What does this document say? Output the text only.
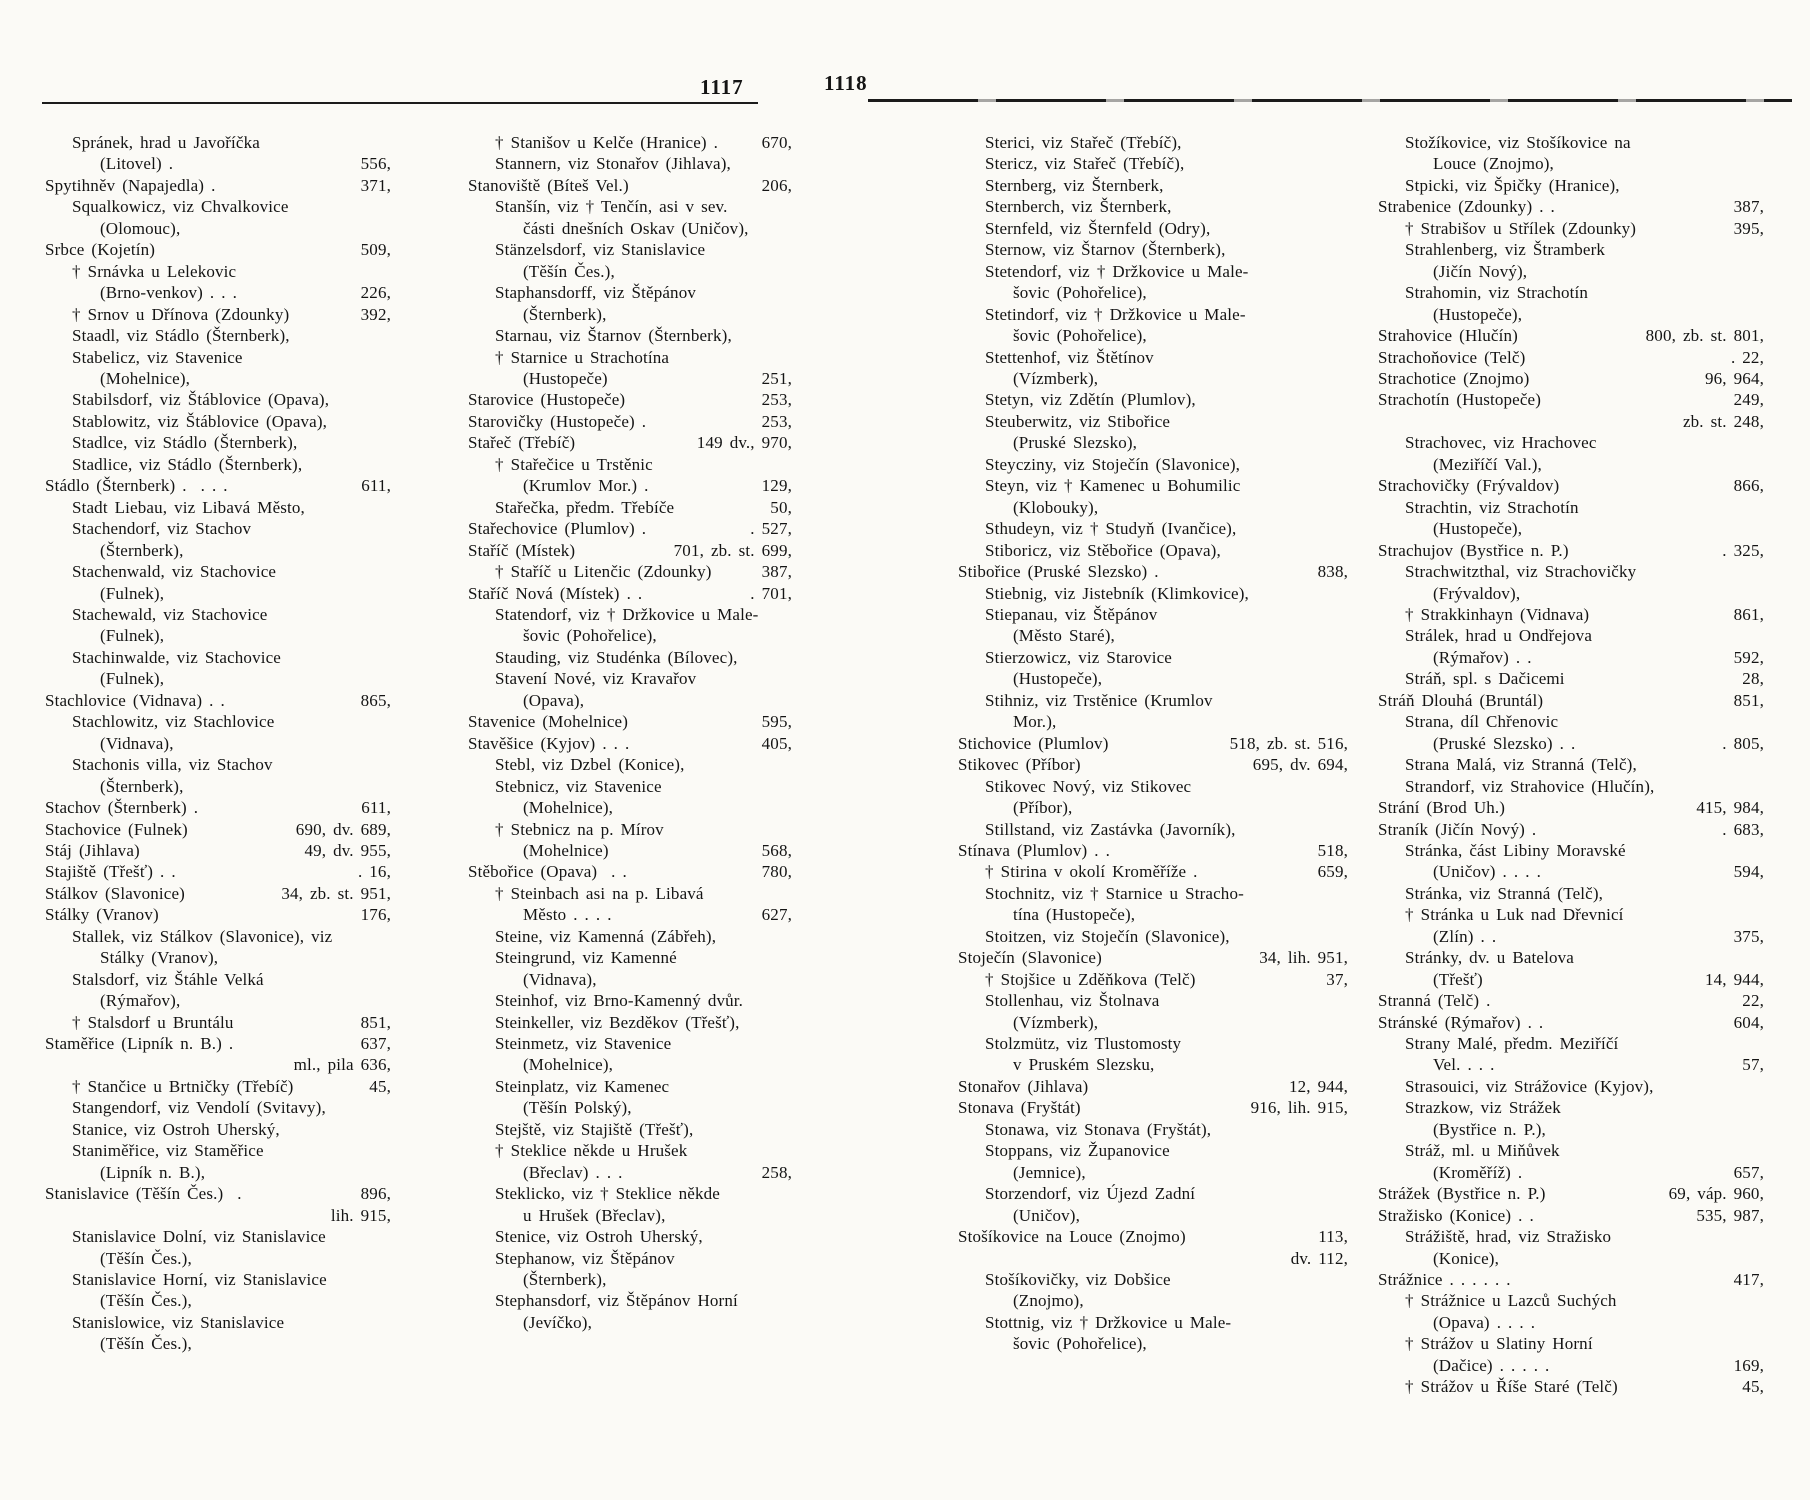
1117	1118
Spránek, hrad u Javoříčka
(Litovel) .	556,
Spytihněv (Napajedla) .	371,
Squalkowicz, viz Chvalkovice
(Olomouc),
Srbce (Kojetín)	509,
† Srnávka u Lelekovic
(Brno-venkov) . . .	226,
† Srnov u Dřínova (Zdounky)	392,
Staadl, viz Stádlo (Šternberk),
Stabelicz, viz Stavenice
(Mohelnice),
Stabilsdorf, viz Štáblovice (Opava),
Stablowitz, viz Štáblovice (Opava),
Stadlce, viz Stádlo (Šternberk),
Stadlice, viz Stádlo (Šternberk),
Stádlo (Šternberk) .  . . .	611,
Stadt Liebau, viz Libavá Město,
Stachendorf, viz Stachov
(Šternberk),
Stachenwald, viz Stachovice
(Fulnek),
Stachewald, viz Stachovice
(Fulnek),
Stachinwalde, viz Stachovice
(Fulnek),
Stachlovice (Vidnava) . .	865,
Stachlowitz, viz Stachlovice
(Vidnava),
Stachonis villa, viz Stachov
(Šternberk),
Stachov (Šternberk) .	611,
Stachovice (Fulnek)	690, dv. 689,
Stáj (Jihlava)	49, dv. 955,
Stajiště (Třešť) . .	. 16,
Stálkov (Slavonice)	34, zb. st. 951,
Stálky (Vranov)	176,
Stallek, viz Stálkov (Slavonice), viz
Stálky (Vranov),
Stalsdorf, viz Štáhle Velká
(Rýmařov),
† Stalsdorf u Bruntálu	851,
Staměřice (Lipník n. B.) .	637,
ml., pila 636,
† Stančice u Brtničky (Třebíč)	45,
Stangendorf, viz Vendolí (Svitavy),
Stanice, viz Ostroh Uherský,
Staniměřice, viz Staměřice
(Lipník n. B.),
Stanislavice (Těšín Čes.)  .	896,
lih. 915,
Stanislavice Dolní, viz Stanislavice
(Těšín Čes.),
Stanislavice Horní, viz Stanislavice
(Těšín Čes.),
Stanislowice, viz Stanislavice
(Těšín Čes.),
† Stanišov u Kelče (Hranice) .	670,
Stannern, viz Stonařov (Jihlava),
Stanoviště (Bíteš Vel.)	206,
Stanšín, viz † Tenčín, asi v sev.
části dnešních Oskav (Uničov),
Stänzelsdorf, viz Stanislavice
(Těšín Čes.),
Staphansdorff, viz Štěpánov
(Šternberk),
Starnau, viz Štarnov (Šternberk),
† Starnice u Strachotína
(Hustopeče)	251,
Starovice (Hustopeče)	253,
Starovičky (Hustopeče) .	253,
Stařeč (Třebíč)	149 dv., 970,
† Stařečice u Trstěnic
(Krumlov Mor.) .	129,
Stařečka, předm. Třebíče	50,
Stařechovice (Plumlov) .	. 527,
Staříč (Místek)	701, zb. st. 699,
† Staříč u Litenčic (Zdounky)	387,
Staříč Nová (Místek) . .	. 701,
Statendorf, viz † Držkovice u Male-
šovic (Pohořelice),
Stauding, viz Studénka (Bílovec),
Stavení Nové, viz Kravařov
(Opava),
Stavenice (Mohelnice)	595,
Stavěšice (Kyjov) . . .	405,
Stebl, viz Dzbel (Konice),
Stebnicz, viz Stavenice
(Mohelnice),
† Stebnicz na p. Mírov
(Mohelnice)	568,
Stěbořice (Opava)  . .	780,
† Steinbach asi na p. Libavá
Město . . . .	627,
Steine, viz Kamenná (Zábřeh),
Steingrund, viz Kamenné
(Vidnava),
Steinhof, viz Brno-Kamenný dvůr.
Steinkeller, viz Bezděkov (Třešť),
Steinmetz, viz Stavenice
(Mohelnice),
Steinplatz, viz Kamenec
(Těšín Polský),
Stejště, viz Stajiště (Třešť),
† Steklice někde u Hrušek
(Břeclav) . . .	258,
Steklicko, viz † Steklice někde
u Hrušek (Břeclav),
Stenice, viz Ostroh Uherský,
Stephanow, viz Štěpánov
(Šternberk),
Stephansdorf, viz Štěpánov Horní
(Jevíčko),
Sterici, viz Stařeč (Třebíč),
Stericz, viz Stařeč (Třebíč),
Sternberg, viz Šternberk,
Sternberch, viz Šternberk,
Sternfeld, viz Šternfeld (Odry),
Sternow, viz Štarnov (Šternberk),
Stetendorf, viz † Držkovice u Male-
šovic (Pohořelice),
Stetindorf, viz † Držkovice u Male-
šovic (Pohořelice),
Stettenhof, viz Štětínov
(Vízmberk),
Stetyn, viz Zdětín (Plumlov),
Steuberwitz, viz Stibořice
(Pruské Slezsko),
Steycziny, viz Stoječín (Slavonice),
Steyn, viz † Kamenec u Bohumilic
(Klobouky),
Sthudeyn, viz † Studyň (Ivančice),
Stiboricz, viz Stěbořice (Opava),
Stibořice (Pruské Slezsko) .	838,
Stiebnig, viz Jistebník (Klimkovice),
Stiepanau, viz Štěpánov
(Město Staré),
Stierzowicz, viz Starovice
(Hustopeče),
Stihniz, viz Trstěnice (Krumlov
Mor.),
Stichovice (Plumlov)	518, zb. st. 516,
Stikovec (Příbor)	695, dv. 694,
Stikovec Nový, viz Stikovec
(Příbor),
Stillstand, viz Zastávka (Javorník),
Stínava (Plumlov) . .	518,
† Stirina v okolí Kroměříže .	659,
Stochnitz, viz † Starnice u Stracho-
tína (Hustopeče),
Stoitzen, viz Stoječín (Slavonice),
Stoječín (Slavonice)	34, lih. 951,
† Stojšice u Zděňkova (Telč)	37,
Stollenhau, viz Štolnava
(Vízmberk),
Stolzmütz, viz Tlustomosty
v Pruském Slezsku,
Stonařov (Jihlava)	12, 944,
Stonava (Fryštát)	916, lih. 915,
Stonawa, viz Stonava (Fryštát),
Stoppans, viz Županovice
(Jemnice),
Storzendorf, viz Újezd Zadní
(Uničov),
Stošíkovice na Louce (Znojmo)	113,
dv. 112,
Stošíkovičky, viz Dobšice
(Znojmo),
Stottnig, viz † Držkovice u Male-
šovic (Pohořelice),
Stožíkovice, viz Stošíkovice na
Louce (Znojmo),
Stpicki, viz Špičky (Hranice),
Strabenice (Zdounky) . .	387,
† Strabišov u Střílek (Zdounky)	395,
Strahlenberg, viz Štramberk
(Jičín Nový),
Strahomin, viz Strachotín
(Hustopeče),
Strahovice (Hlučín)	800, zb. st. 801,
Strachoňovice (Telč)	. 22,
Strachotice (Znojmo)	96, 964,
Strachotín (Hustopeče)	249,
zb. st. 248,
Strachovec, viz Hrachovec
(Meziříčí Val.),
Strachovičky (Frývaldov)	866,
Strachtin, viz Strachotín
(Hustopeče),
Strachujov (Bystřice n. P.)	. 325,
Strachwitzthal, viz Strachovičky
(Frývaldov),
† Strakkinhayn (Vidnava)	861,
Strálek, hrad u Ondřejova
(Rýmařov) . .	592,
Stráň, spl. s Dačicemi	28,
Stráň Dlouhá (Bruntál)	851,
Strana, díl Chřenovic
(Pruské Slezsko) . .	. 805,
Strana Malá, viz Stranná (Telč),
Strandorf, viz Strahovice (Hlučín),
Strání (Brod Uh.)	415, 984,
Straník (Jičín Nový) .	. 683,
Stránka, část Libiny Moravské
(Uničov) . . . .	594,
Stránka, viz Stranná (Telč),
† Stránka u Luk nad Dřevnicí
(Zlín) . .	375,
Stránky, dv. u Batelova
(Třešť)	14, 944,
Stranná (Telč) .	22,
Stránské (Rýmařov) . .	604,
Strany Malé, předm. Meziříčí
Vel. . . .	57,
Strasouici, viz Strážovice (Kyjov),
Strazkow, viz Strážek
(Bystřice n. P.),
Stráž, ml. u Miňůvek
(Kroměříž) .	657,
Strážek (Bystřice n. P.)	69, váp. 960,
Stražisko (Konice) . .	535, 987,
Strážiště, hrad, viz Stražisko
(Konice),
Strážnice . . . . . .	417,
† Strážnice u Lazců Suchých
(Opava) . . . .
† Strážov u Slatiny Horní
(Dačice) . . . . .	169,
† Strážov u Říše Staré (Telč)	45,
